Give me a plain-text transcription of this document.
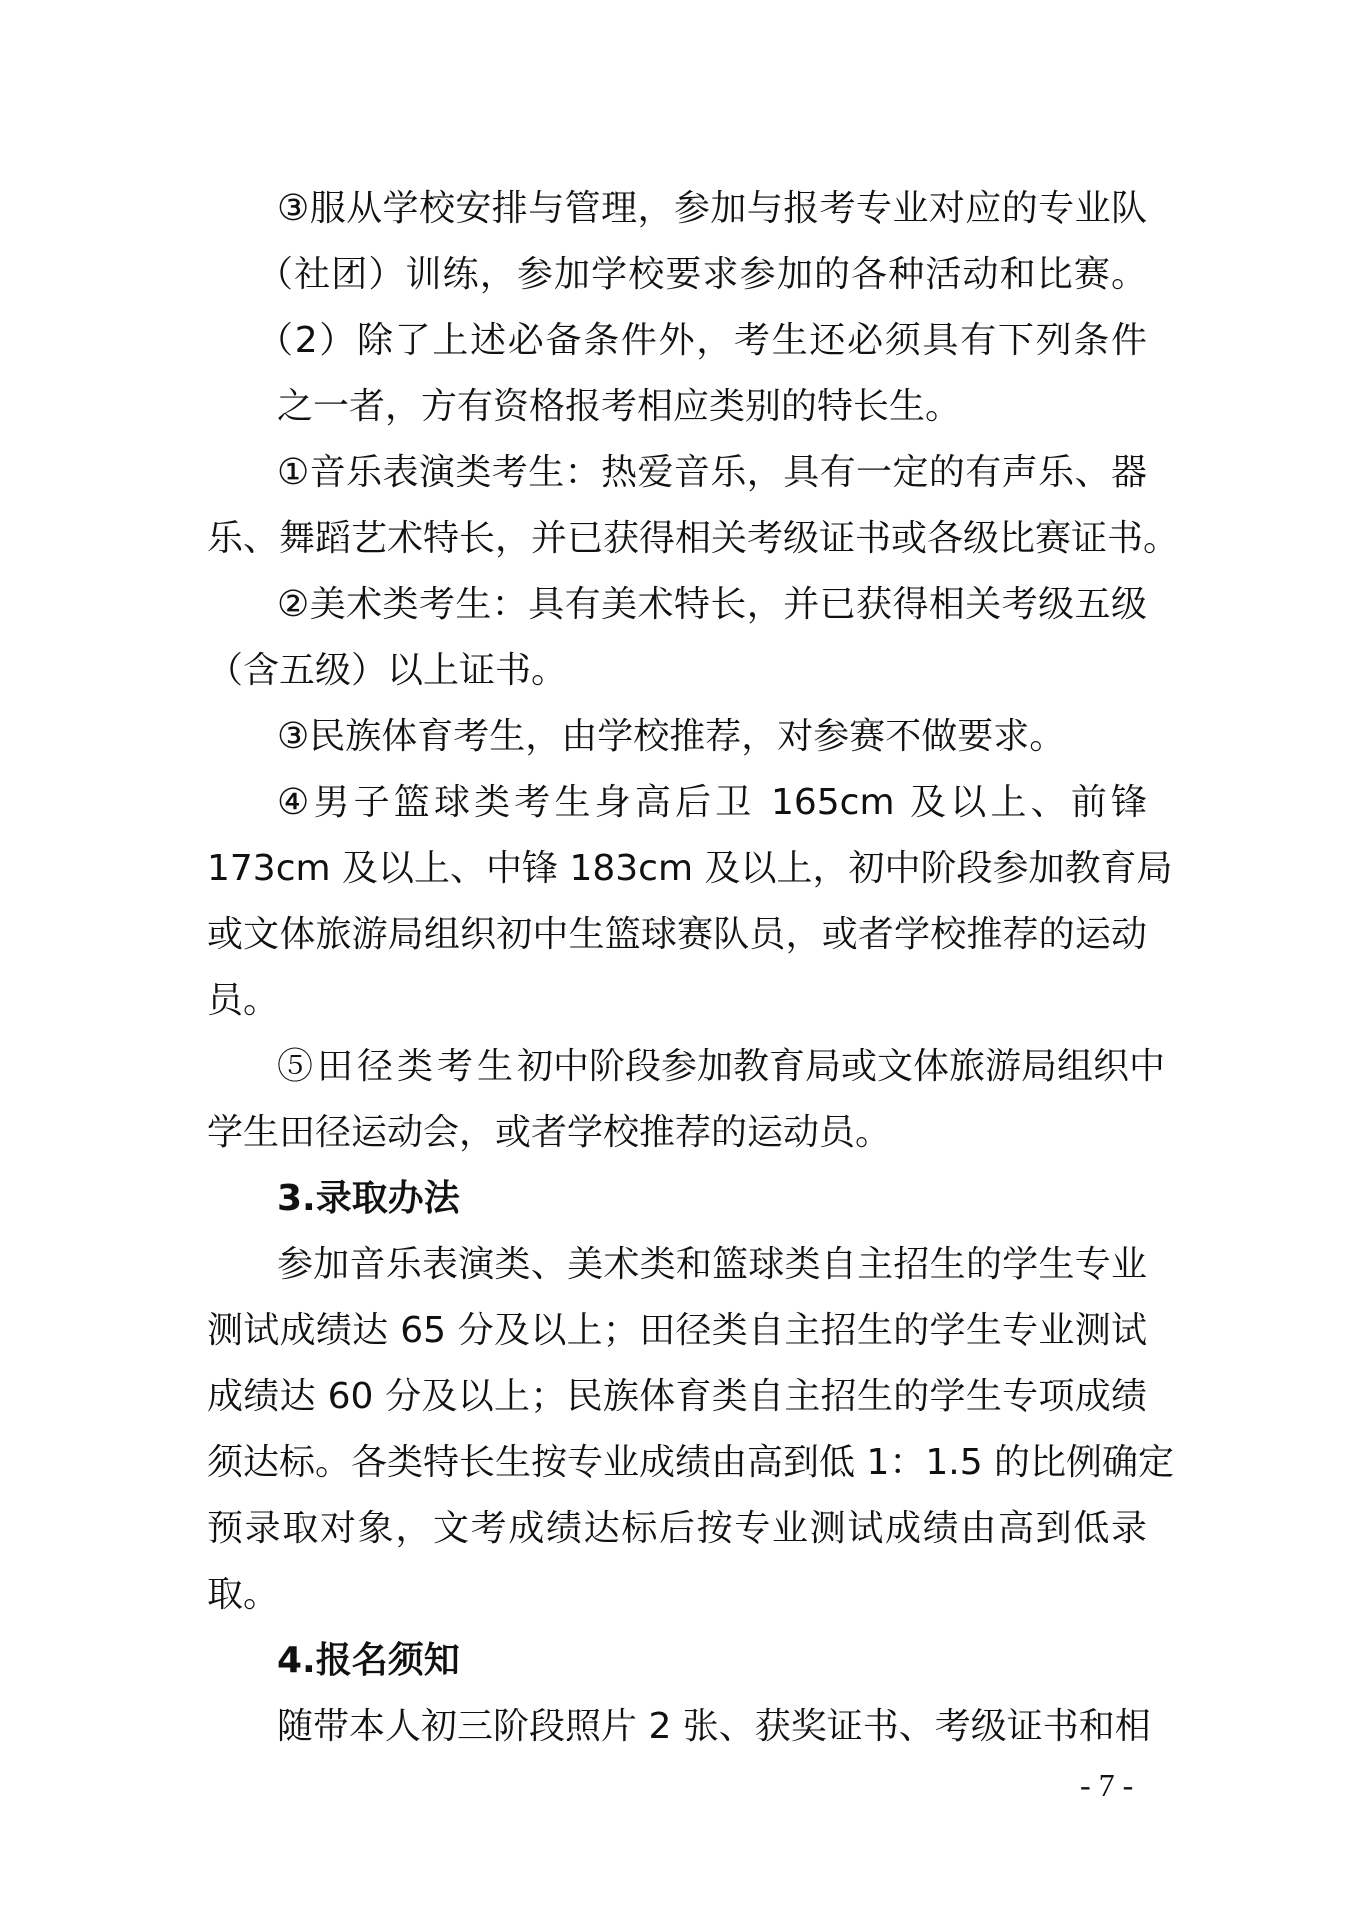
③服从学校安排与管理，参加与报考专业对应的专业队
（社团）训练，参加学校要求参加的各种活动和比赛。
（2）除了上述必备条件外，考生还必须具有下列条件
之一者，方有资格报考相应类别的特长生。
①音乐表演类考生：热爱音乐，具有一定的有声乐、器
乐、舞蹈艺术特长，并已获得相关考级证书或各级比赛证书。
②美术类考生：具有美术特长，并已获得相关考级五级
（含五级）以上证书。
③民族体育考生，由学校推荐，对参赛不做要求。
④男子篮球类考生身高后卫 165cm 及以上、前锋
173cm 及以上、中锋 183cm 及以上，初中阶段参加教育局
或文体旅游局组织初中生篮球赛队员，或者学校推荐的运动
员。
⑤田径类考生初中阶段参加教育局或文体旅游局组织中
学生田径运动会，或者学校推荐的运动员。
3.录取办法
参加音乐表演类、美术类和篮球类自主招生的学生专业
测试成绩达 65 分及以上；田径类自主招生的学生专业测试
成绩达 60 分及以上；民族体育类自主招生的学生专项成绩
须达标。各类特长生按专业成绩由高到低 1：1.5 的比例确定
预录取对象，文考成绩达标后按专业测试成绩由高到低录
取。
4.报名须知
随带本人初三阶段照片 2 张、获奖证书、考级证书和相
- 7 -
